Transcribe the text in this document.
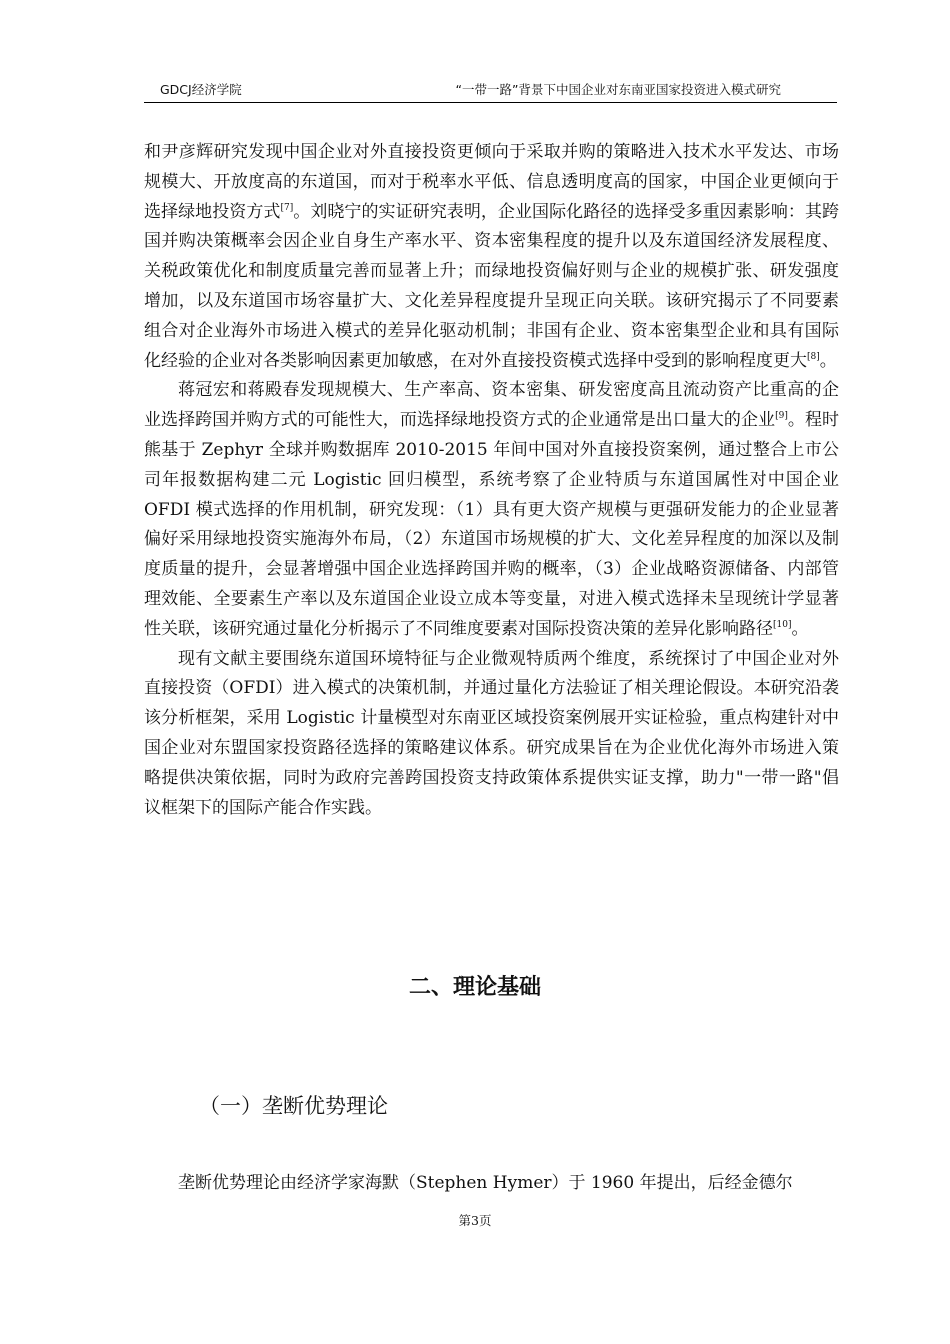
GDCJ经济学院	“一带一路”背景下中国企业对东南亚国家投资进入模式研究

和尹彦辉研究发现中国企业对外直接投资更倾向于采取并购的策略进入技术水平发达、市场规模大、开放度高的东道国，而对于税率水平低、信息透明度高的国家，中国企业更倾向于选择绿地投资方式[7]。刘晓宁的实证研究表明，企业国际化路径的选择受多重因素影响：其跨国并购决策概率会因企业自身生产率水平、资本密集程度的提升以及东道国经济发展程度、关税政策优化和制度质量完善而显著上升；而绿地投资偏好则与企业的规模扩张、研发强度增加，以及东道国市场容量扩大、文化差异程度提升呈现正向关联。该研究揭示了不同要素组合对企业海外市场进入模式的差异化驱动机制；非国有企业、资本密集型企业和具有国际化经验的企业对各类影响因素更加敏感，在对外直接投资模式选择中受到的影响程度更大[8]。

蒋冠宏和蒋殿春发现规模大、生产率高、资本密集、研发密度高且流动资产比重高的企业选择跨国并购方式的可能性大，而选择绿地投资方式的企业通常是出口量大的企业[9]。程时熊基于 Zephyr 全球并购数据库 2010-2015 年间中国对外直接投资案例，通过整合上市公司年报数据构建二元 Logistic 回归模型，系统考察了企业特质与东道国属性对中国企业 OFDI 模式选择的作用机制，研究发现：（1）具有更大资产规模与更强研发能力的企业显著偏好采用绿地投资实施海外布局，（2）东道国市场规模的扩大、文化差异程度的加深以及制度质量的提升，会显著增强中国企业选择跨国并购的概率，（3）企业战略资源储备、内部管理效能、全要素生产率以及东道国企业设立成本等变量，对进入模式选择未呈现统计学显著性关联，该研究通过量化分析揭示了不同维度要素对国际投资决策的差异化影响路径[10]。

现有文献主要围绕东道国环境特征与企业微观特质两个维度，系统探讨了中国企业对外直接投资（OFDI）进入模式的决策机制，并通过量化方法验证了相关理论假设。本研究沿袭该分析框架，采用 Logistic 计量模型对东南亚区域投资案例展开实证检验，重点构建针对中国企业对东盟国家投资路径选择的策略建议体系。研究成果旨在为企业优化海外市场进入策略提供决策依据，同时为政府完善跨国投资支持政策体系提供实证支撑，助力"一带一路"倡议框架下的国际产能合作实践。

二、理论基础
（一）垄断优势理论

垄断优势理论由经济学家海默（Stephen Hymer）于 1960 年提出，后经金德尔

第3页
